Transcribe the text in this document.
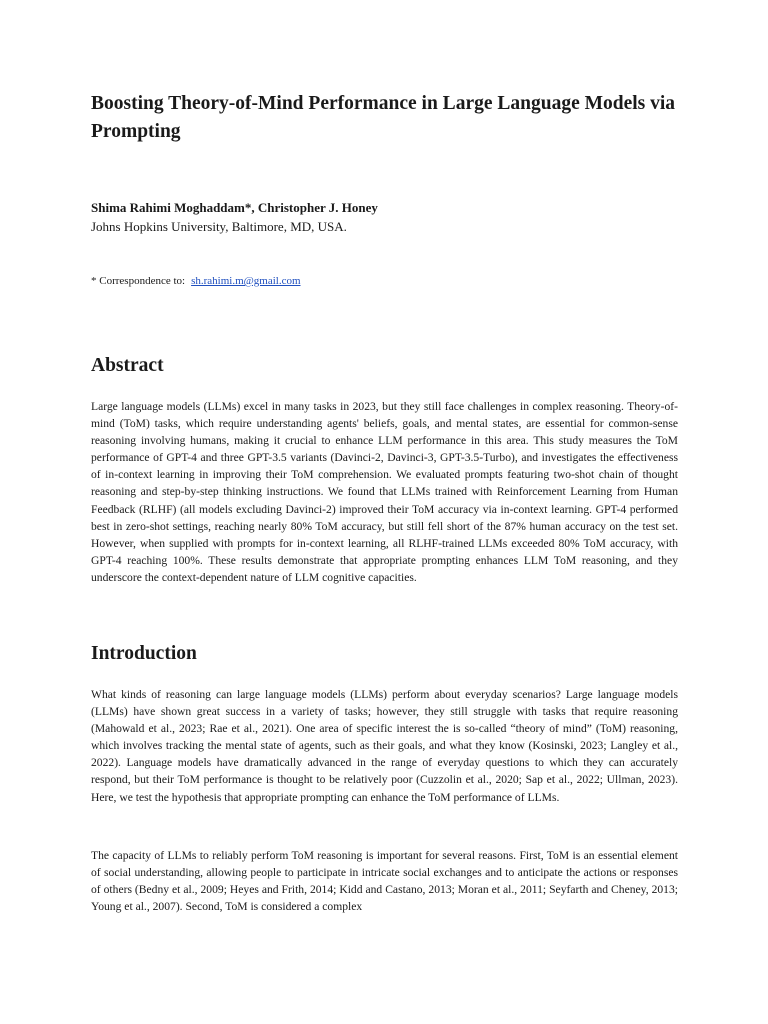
Boosting Theory-of-Mind Performance in Large Language Models via Prompting

Shima Rahimi Moghaddam*, Christopher J. Honey

Johns Hopkins University, Baltimore, MD, USA.

* Correspondence to: sh.rahimi.m@gmail.com

Abstract

Large language models (LLMs) excel in many tasks in 2023, but they still face challenges in complex reasoning. Theory-of-mind (ToM) tasks, which require understanding agents' beliefs, goals, and mental states, are essential for common-sense reasoning involving humans, making it crucial to enhance LLM performance in this area. This study measures the ToM performance of GPT-4 and three GPT-3.5 variants (Davinci-2, Davinci-3, GPT-3.5-Turbo), and investigates the effectiveness of in-context learning in improving their ToM comprehension. We evaluated prompts featuring two-shot chain of thought reasoning and step-by-step thinking instructions. We found that LLMs trained with Reinforcement Learning from Human Feedback (RLHF) (all models excluding Davinci-2) improved their ToM accuracy via in-context learning. GPT-4 performed best in zero-shot settings, reaching nearly 80% ToM accuracy, but still fell short of the 87% human accuracy on the test set. However, when supplied with prompts for in-context learning, all RLHF-trained LLMs exceeded 80% ToM accuracy, with GPT-4 reaching 100%. These results demonstrate that appropriate prompting enhances LLM ToM reasoning, and they underscore the context-dependent nature of LLM cognitive capacities.

Introduction

What kinds of reasoning can large language models (LLMs) perform about everyday scenarios? Large language models (LLMs) have shown great success in a variety of tasks; however, they still struggle with tasks that require reasoning (Mahowald et al., 2023; Rae et al., 2021). One area of specific interest the is so-called “theory of mind” (ToM) reasoning, which involves tracking the mental state of agents, such as their goals, and what they know (Kosinski, 2023; Langley et al., 2022). Language models have dramatically advanced in the range of everyday questions to which they can accurately respond, but their ToM performance is thought to be relatively poor (Cuzzolin et al., 2020; Sap et al., 2022; Ullman, 2023). Here, we test the hypothesis that appropriate prompting can enhance the ToM performance of LLMs.

The capacity of LLMs to reliably perform ToM reasoning is important for several reasons. First, ToM is an essential element of social understanding, allowing people to participate in intricate social exchanges and to anticipate the actions or responses of others (Bedny et al., 2009; Heyes and Frith, 2014; Kidd and Castano, 2013; Moran et al., 2011; Seyfarth and Cheney, 2013; Young et al., 2007). Second, ToM is considered a complex
